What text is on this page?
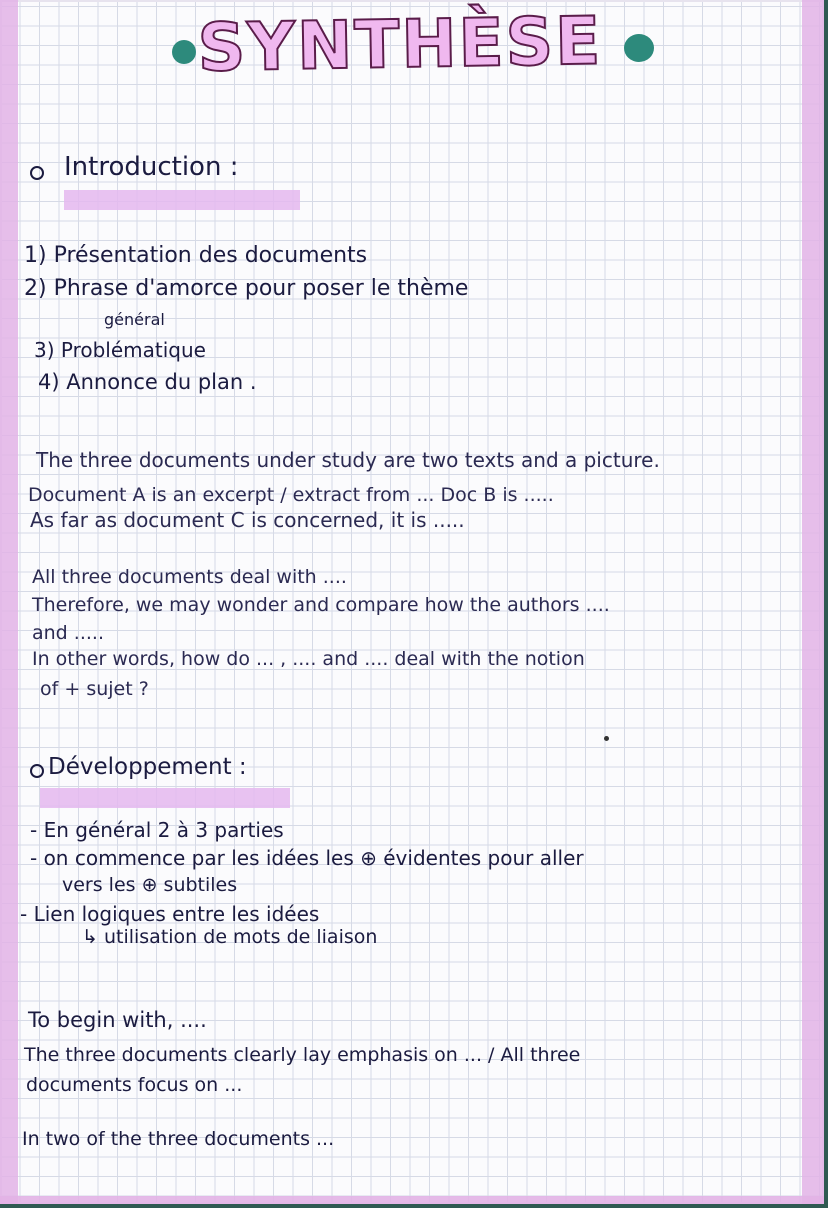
SYNTHÈSE
Introduction :
1) Présentation des documents
2) Phrase d'amorce pour poser le thème
général
3) Problématique
4) Annonce du plan .
The three documents under study are two texts and a picture.
Document A is an excerpt / extract from ... Doc B is .....
As far as document C is concerned, it is .....
All three documents deal with ....
Therefore, we may wonder and compare how the authors ....
and .....
In other words, how do ... , .... and .... deal with the notion
of + sujet ?
Développement :
- En général 2 à 3 parties
- on commence par les idées les ⊕ évidentes pour aller
vers les ⊕ subtiles
- Lien logiques entre les idées
↳ utilisation de mots de liaison
To begin with, ....
The three documents clearly lay emphasis on ... / All three
documents focus on ...
In two of the three documents ...
